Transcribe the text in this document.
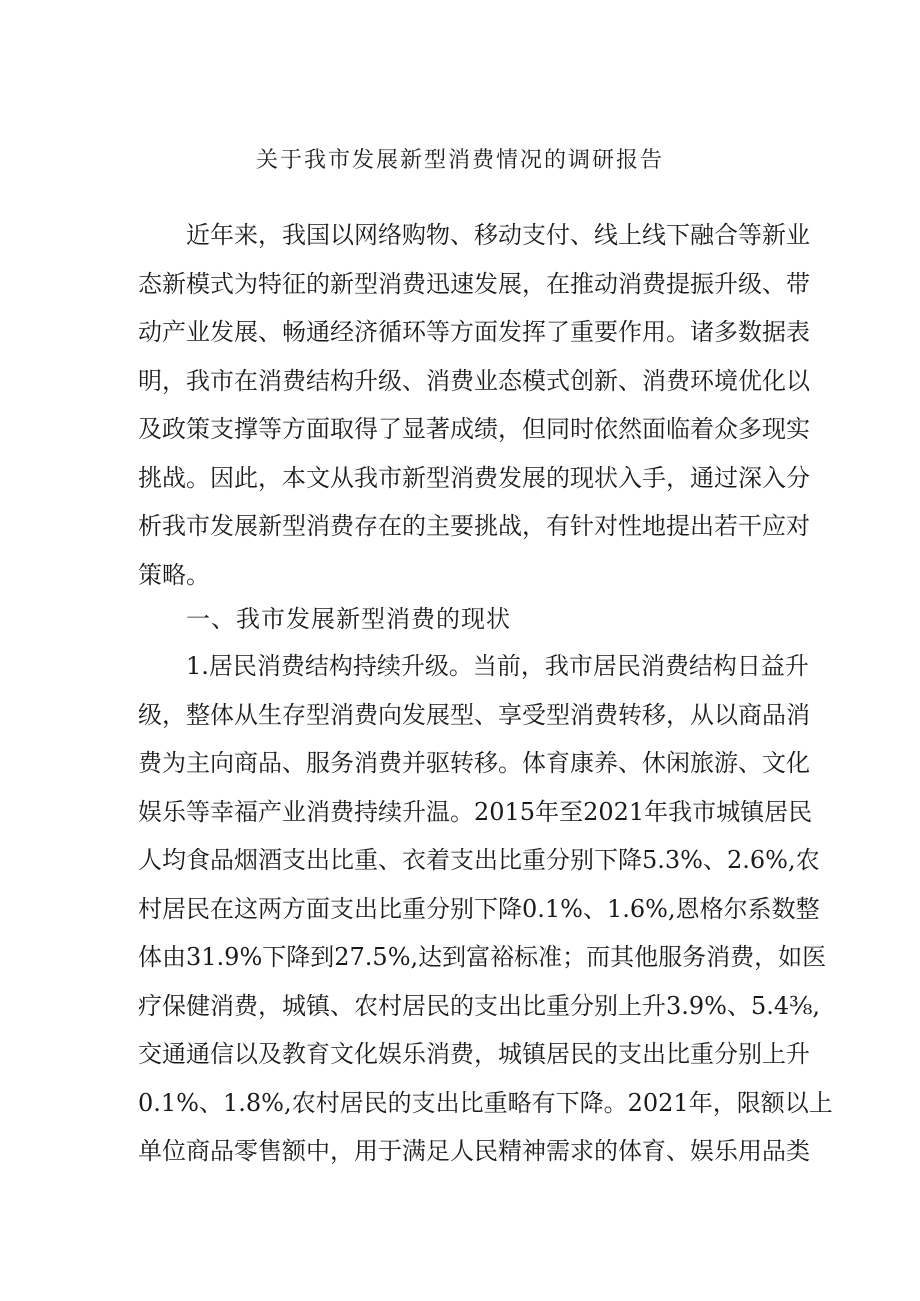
关于我市发展新型消费情况的调研报告
近 年 来 ， 我 国 以 网 络 购 物 、 移 动 支 付 、 线 上 线 下 融 合 等 新 业
态 新 模 式 为 特 征 的 新 型 消 费 迅 速 发 展 ， 在 推 动 消 费 提 振 升 级 、 带
动 产 业 发 展 、 畅 通 经 济 循 环 等 方 面 发 挥 了 重 要 作 用 。 诸 多 数 据 表
明 ， 我 市 在 消 费 结 构 升 级 、 消 费 业 态 模 式 创 新 、 消 费 环 境 优 化 以
及 政 策 支 撑 等 方 面 取 得 了 显 著 成 绩 ， 但 同 时 依 然 面 临 着 众 多 现 实
挑 战 。 因 此 ， 本 文 从 我 市 新 型 消 费 发 展 的 现 状 入 手 ， 通 过 深 入 分
析 我 市 发 展 新 型 消 费 存 在 的 主 要 挑 战 ， 有 针 对 性 地 提 出 若 干 应 对
策略。
一、我市发展新型消费的现状
1. 居 民 消 费 结 构 持 续 升 级 。 当 前 ， 我 市 居 民 消 费 结 构 日 益 升
级 ， 整 体 从 生 存 型 消 费 向 发 展 型 、 享 受 型 消 费 转 移 ， 从 以 商 品 消
费 为 主 向 商 品 、 服 务 消 费 并 驱 转 移 。 体 育 康 养 、 休 闲 旅 游 、 文 化
娱 乐 等 幸 福 产 业 消 费 持 续 升 温 。 2015 年 至 2021 年 我 市 城 镇 居 民
人 均 食 品 烟 酒 支 出 比 重 、 衣 着 支 出 比 重 分 别 下 降 5.3% 、 2.6% , 农
村 居 民 在 这 两 方 面 支 出 比 重 分 别 下 降 0.1% 、 1.6% , 恩 格 尔 系 数 整
体 由 31.9% 下 降 到 27.5% , 达 到 富 裕 标 准 ； 而 其 他 服 务 消 费 ， 如 医
疗 保 健 消 费 ， 城 镇 、 农 村 居 民 的 支 出 比 重 分 别 上 升 3.9% 、 5.4⅜ ,
交 通 通 信 以 及 教 育 文 化 娱 乐 消 费 ， 城 镇 居 民 的 支 出 比 重 分 别 上 升
0.1% 、 1.8% , 农 村 居 民 的 支 出 比 重 略 有 下 降 。 2021 年 ， 限 额 以 上
单 位 商 品 零 售 额 中 ， 用 于 满 足 人 民 精 神 需 求 的 体 育 、 娱 乐 用 品 类
